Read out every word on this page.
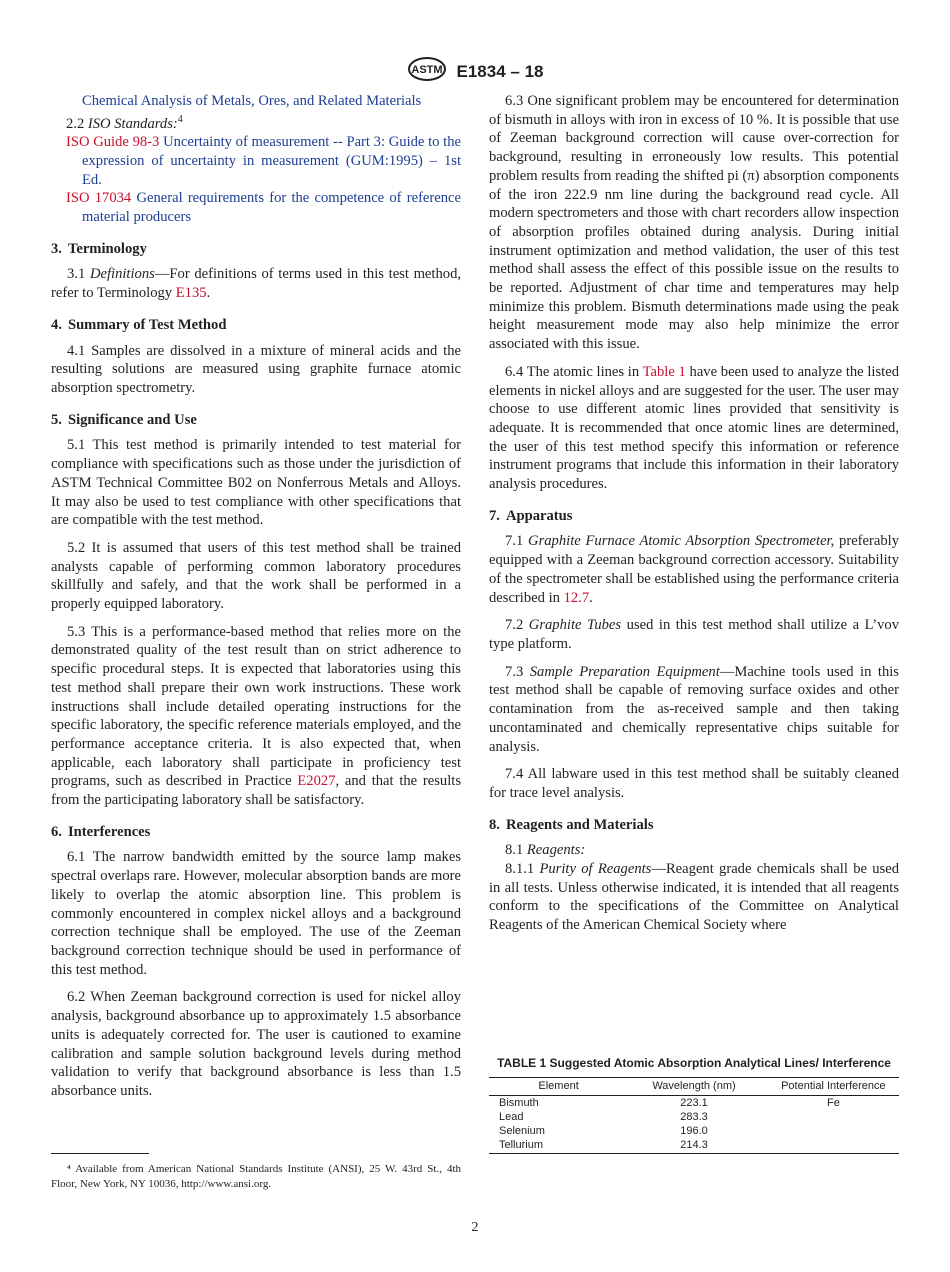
ASTM E1834 – 18

Chemical Analysis of Metals, Ores, and Related Materials

2.2 ISO Standards:$^4$

ISO Guide 98-3 Uncertainty of measurement -- Part 3: Guide to the expression of uncertainty in measurement (GUM:1995) – 1st Ed.

ISO 17034 General requirements for the competence of reference material producers

3. Terminology

3.1 Definitions—For definitions of terms used in this test method, refer to Terminology E135.

4. Summary of Test Method

4.1 Samples are dissolved in a mixture of mineral acids and the resulting solutions are measured using graphite furnace atomic absorption spectrometry.

5. Significance and Use

5.1 This test method is primarily intended to test material for compliance with specifications such as those under the jurisdiction of ASTM Technical Committee B02 on Nonferrous Metals and Alloys. It may also be used to test compliance with other specifications that are compatible with the test method.

5.2 It is assumed that users of this test method shall be trained analysts capable of performing common laboratory procedures skillfully and safely, and that the work shall be performed in a properly equipped laboratory.

5.3 This is a performance-based method that relies more on the demonstrated quality of the test result than on strict adherence to specific procedural steps. It is expected that laboratories using this test method shall prepare their own work instructions. These work instructions shall include detailed operating instructions for the specific laboratory, the specific reference materials employed, and the performance acceptance criteria. It is also expected that, when applicable, each laboratory shall participate in proficiency test programs, such as described in Practice E2027, and that the results from the participating laboratory shall be satisfactory.

6. Interferences

6.1 The narrow bandwidth emitted by the source lamp makes spectral overlaps rare. However, molecular absorption bands are more likely to overlap the atomic absorption line. This problem is commonly encountered in complex nickel alloys and a background correction technique shall be employed. The use of the Zeeman background correction technique should be used in performance of this test method.

6.2 When Zeeman background correction is used for nickel alloy analysis, background absorbance up to approximately 1.5 absorbance units is adequately corrected for. The user is cautioned to examine calibration and sample solution background levels during method validation to verify that background absorbance is less than 1.5 absorbance units.

⁴ Available from American National Standards Institute (ANSI), 25 W. 43rd St., 4th Floor, New York, NY 10036, http://www.ansi.org.

6.3 One significant problem may be encountered for determination of bismuth in alloys with iron in excess of 10 %. It is possible that use of Zeeman background correction will cause over-correction for background, resulting in erroneously low results. This potential problem results from reading the shifted pi (π) absorption components of the iron 222.9 nm line during the background read cycle. All modern spectrometers and those with chart recorders allow inspection of absorption profiles obtained during analysis. During initial instrument optimization and method validation, the user of this test method shall assess the effect of this possible issue on the results to be reported. Adjustment of char time and temperatures may help minimize this problem. Bismuth determinations made using the peak height measurement mode may also help minimize the error associated with this issue.

6.4 The atomic lines in Table 1 have been used to analyze the listed elements in nickel alloys and are suggested for the user. The user may choose to use different atomic lines provided that sensitivity is adequate. It is recommended that once atomic lines are determined, the user of this test method specify this information or reference instrument programs that include this information in their laboratory analysis procedures.

7. Apparatus

7.1 Graphite Furnace Atomic Absorption Spectrometer, preferably equipped with a Zeeman background correction accessory. Suitability of the spectrometer shall be established using the performance criteria described in 12.7.

7.2 Graphite Tubes used in this test method shall utilize a L’vov type platform.

7.3 Sample Preparation Equipment—Machine tools used in this test method shall be capable of removing surface oxides and other contamination from the as-received sample and then taking uncontaminated and chemically representative chips suitable for analysis.

7.4 All labware used in this test method shall be suitably cleaned for trace level analysis.

8. Reagents and Materials

8.1 Reagents:

8.1.1 Purity of Reagents—Reagent grade chemicals shall be used in all tests. Unless otherwise indicated, it is intended that all reagents conform to the specifications of the Committee on Analytical Reagents of the American Chemical Society where

TABLE 1 Suggested Atomic Absorption Analytical Lines/ Interference
Element	Wavelength (nm)	Potential Interference
Bismuth	223.1	Fe
Lead	283.3	
Selenium	196.0	
Tellurium	214.3	
2
